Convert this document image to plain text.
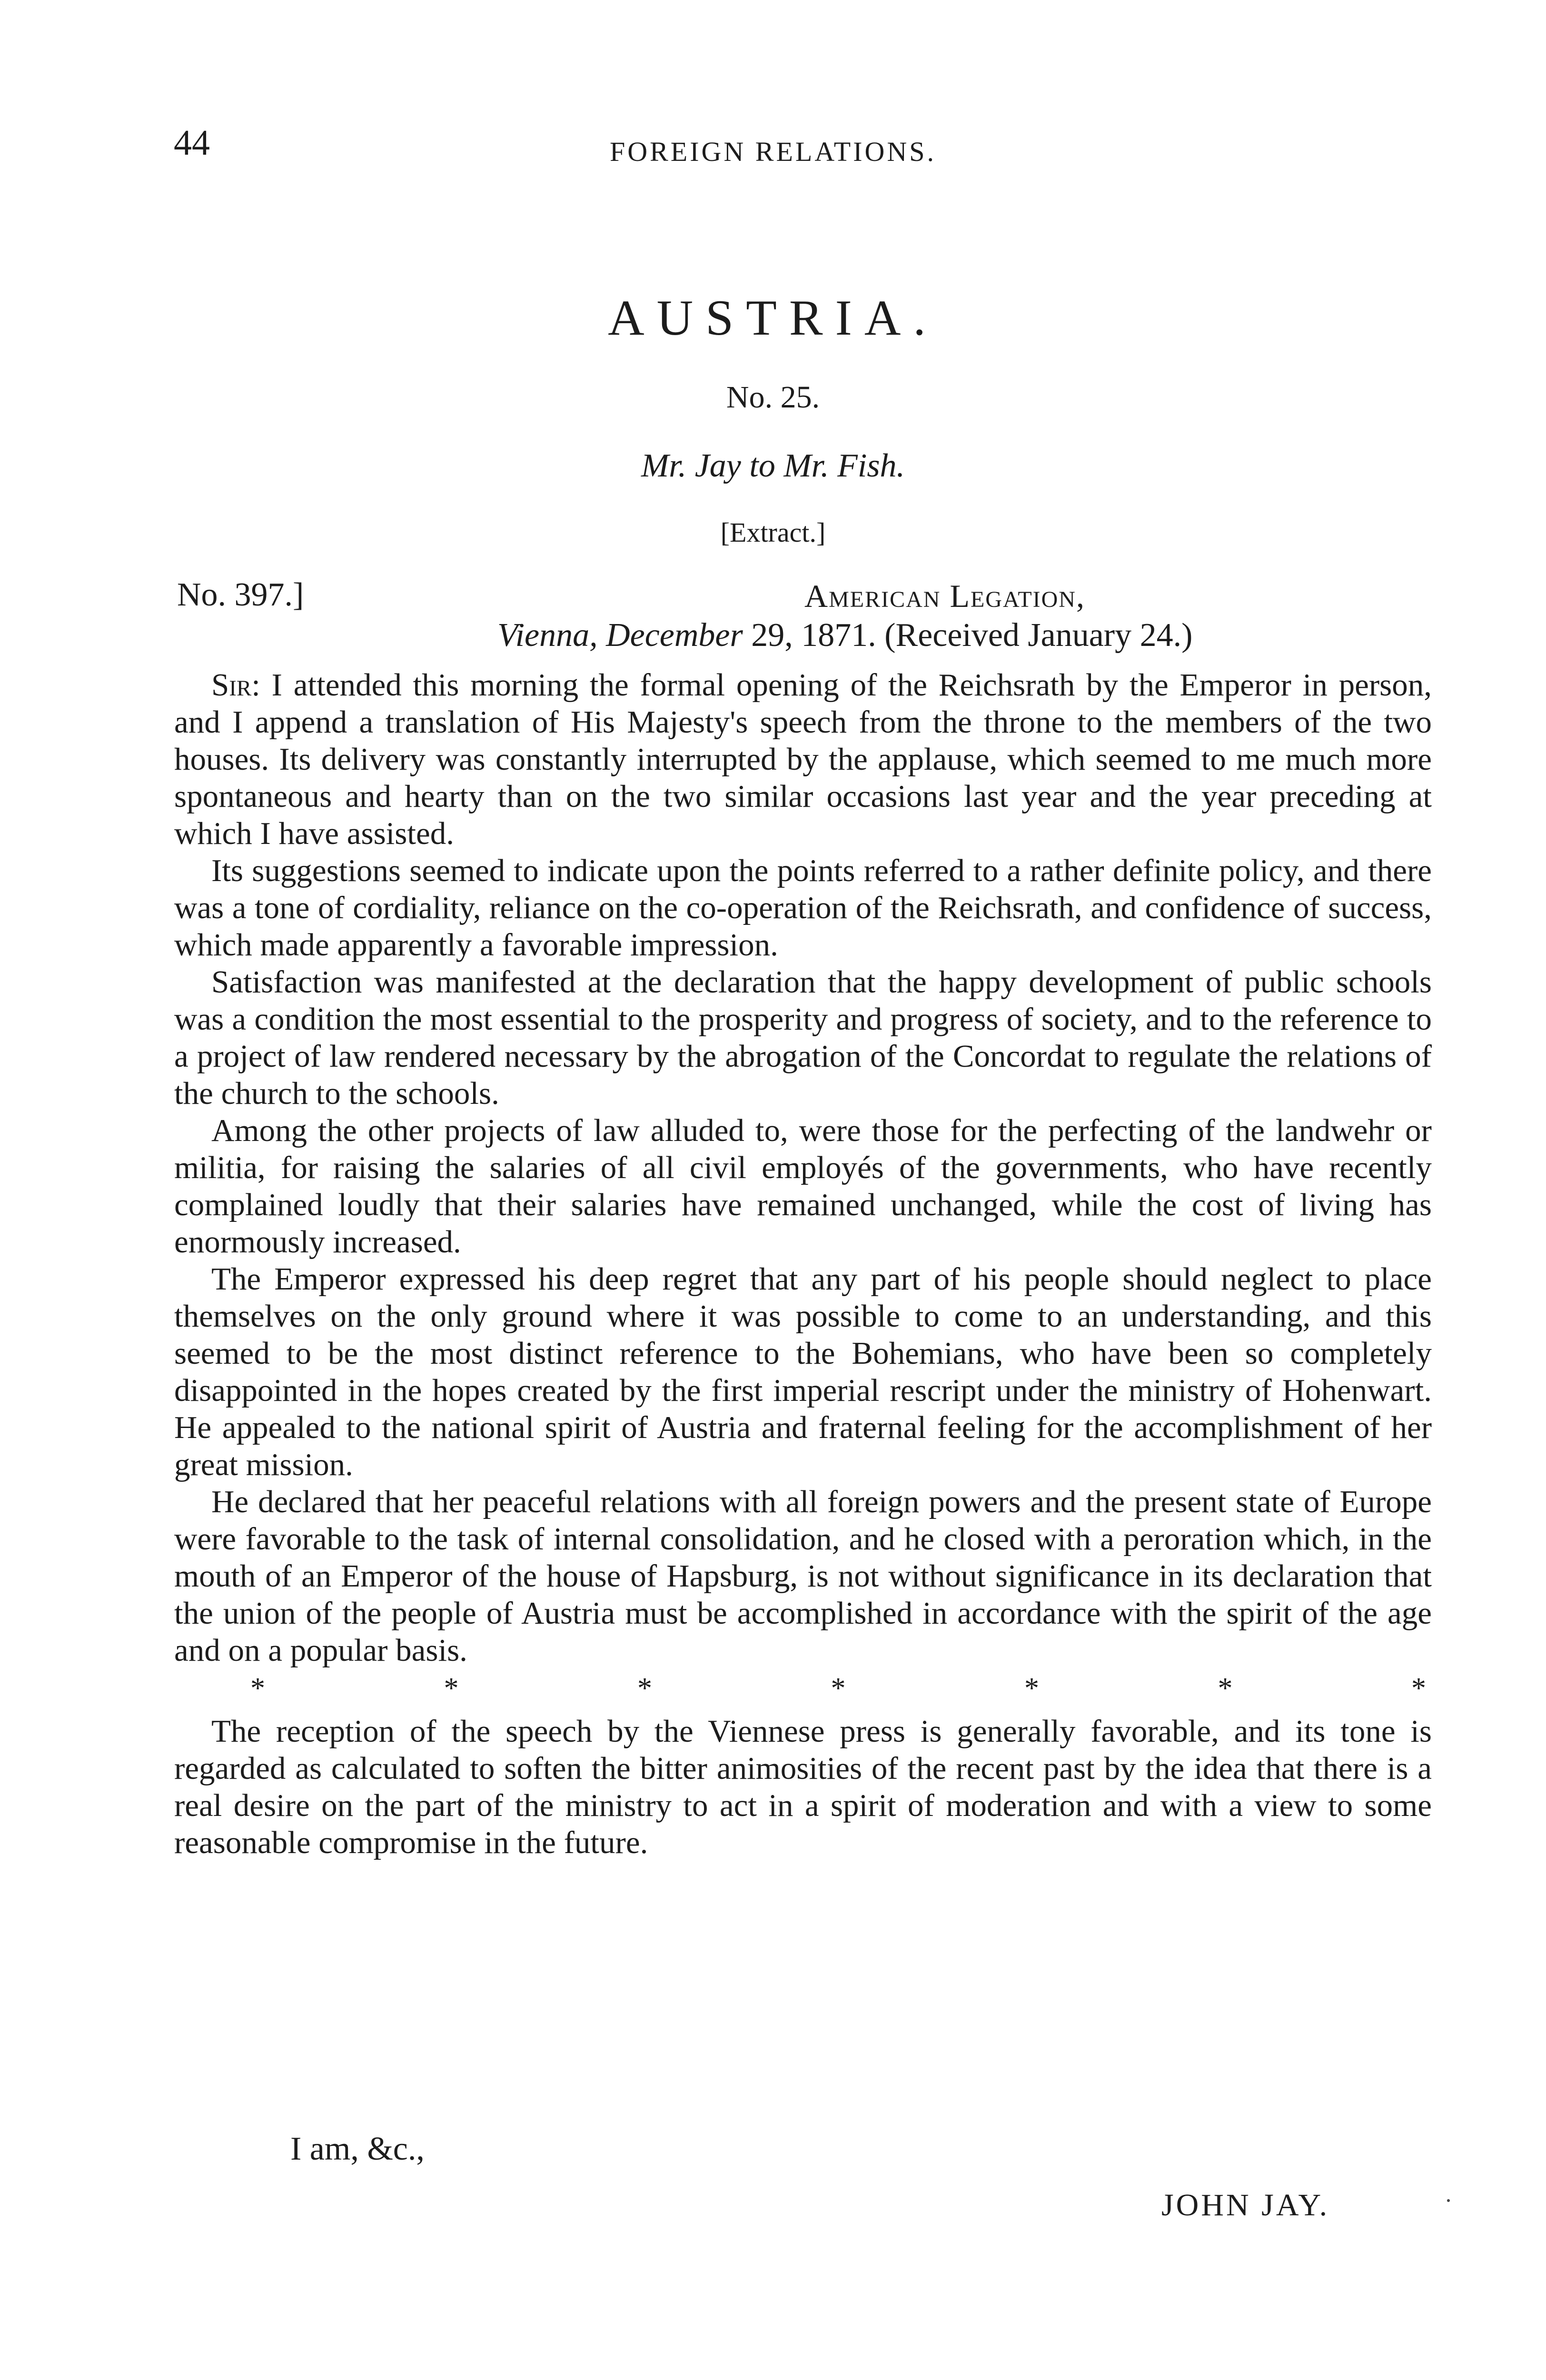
44	FOREIGN RELATIONS.
AUSTRIA.
No. 25.
Mr. Jay to Mr. Fish.
[Extract.]
No. 397.]	American Legation,
Vienna, December 29, 1871. (Received January 24.)

Sir: I attended this morning the formal opening of the Reichsrath by the Emperor in person, and I append a translation of His Majesty's speech from the throne to the members of the two houses. Its delivery was constantly interrupted by the applause, which seemed to me much more spontaneous and hearty than on the two similar occasions last year and the year preceding at which I have assisted.

Its suggestions seemed to indicate upon the points referred to a rather definite policy, and there was a tone of cordiality, reliance on the co-operation of the Reichsrath, and confidence of success, which made apparently a favorable impression.

Satisfaction was manifested at the declaration that the happy development of public schools was a condition the most essential to the prosperity and progress of society, and to the reference to a project of law rendered necessary by the abrogation of the Concordat to regulate the relations of the church to the schools.

Among the other projects of law alluded to, were those for the perfecting of the landwehr or militia, for raising the salaries of all civil employés of the governments, who have recently complained loudly that their salaries have remained unchanged, while the cost of living has enormously increased.

The Emperor expressed his deep regret that any part of his people should neglect to place themselves on the only ground where it was possible to come to an understanding, and this seemed to be the most distinct reference to the Bohemians, who have been so completely disappointed in the hopes created by the first imperial rescript under the ministry of Hohenwart. He appealed to the national spirit of Austria and fraternal feeling for the accomplishment of her great mission.

He declared that her peaceful relations with all foreign powers and the present state of Europe were favorable to the task of internal consolidation, and he closed with a peroration which, in the mouth of an Emperor of the house of Hapsburg, is not without significance in its declaration that the union of the people of Austria must be accomplished in accordance with the spirit of the age and on a popular basis.

*	*	*	*	*	*	*

The reception of the speech by the Viennese press is generally favorable, and its tone is regarded as calculated to soften the bitter animosities of the recent past by the idea that there is a real desire on the part of the ministry to act in a spirit of moderation and with a view to some reasonable compromise in the future.

I am, &c.,
JOHN JAY.
